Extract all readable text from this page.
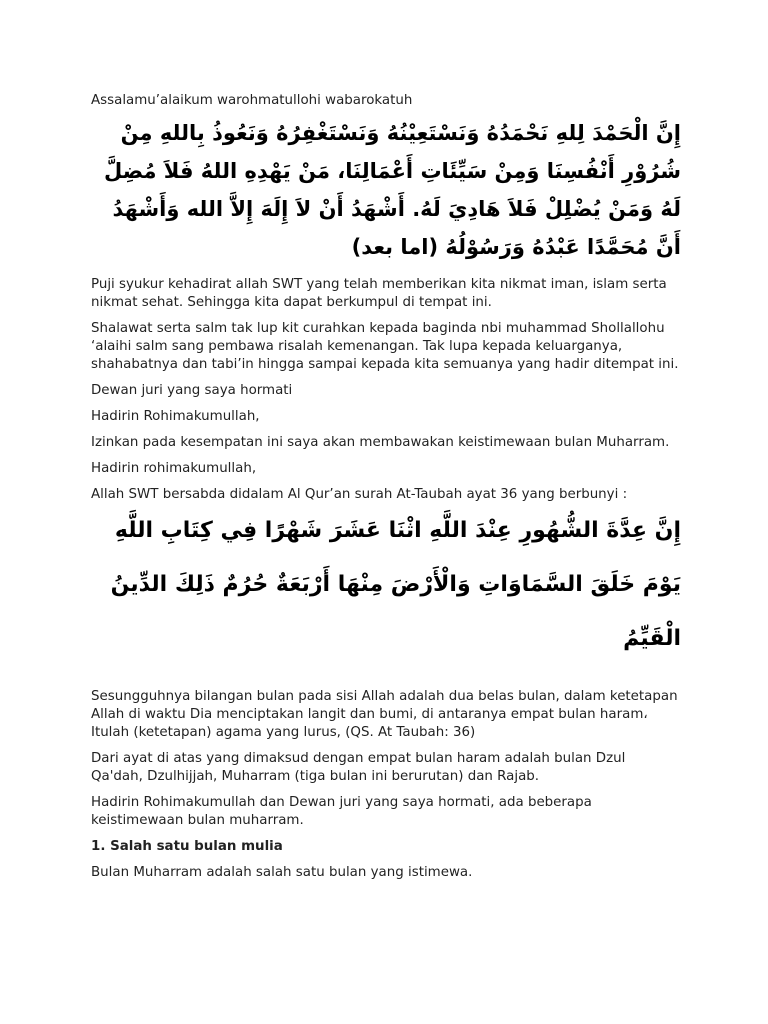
Assalamu’alaikum warohmatullohi wabarokatuh

إِنَّ الْحَمْدَ لِلهِ نَحْمَدُهُ وَنَسْتَعِيْنُهُ وَنَسْتَغْفِرُهُ وَنَعُوذُ بِاللهِ مِنْ شُرُوْرِ أَنْفُسِنَا وَمِنْ سَيِّئَاتِ أَعْمَالِنَا، مَنْ يَهْدِهِ اللهُ فَلاَ مُضِلَّ لَهُ وَمَنْ يُضْلِلْ فَلاَ هَادِيَ لَهُ. أَشْهَدُ أَنْ لاَ إِلَهَ إِلاَّ الله وَأَشْهَدُ أَنَّ مُحَمَّدًا عَبْدُهُ وَرَسُوْلُهُ (اما بعد)

Puji syukur kehadirat allah SWT yang telah memberikan kita nikmat iman, islam serta nikmat sehat. Sehingga kita dapat berkumpul di tempat ini.

Shalawat serta salm tak lup kit curahkan kepada baginda nbi muhammad Shollallohu ‘alaihi salm sang pembawa risalah kemenangan. Tak lupa kepada keluarganya, shahabatnya dan tabi’in hingga sampai kepada kita semuanya yang hadir ditempat ini.

Dewan juri yang saya hormati

Hadirin Rohimakumullah,

Izinkan pada kesempatan ini saya akan membawakan keistimewaan bulan Muharram.

Hadirin rohimakumullah,

Allah SWT bersabda didalam Al Qur’an surah At-Taubah ayat 36 yang berbunyi :

إِنَّ عِدَّةَ الشُّهُورِ عِنْدَ اللَّهِ اثْنَا عَشَرَ شَهْرًا فِي كِتَابِ اللَّهِ يَوْمَ خَلَقَ السَّمَاوَاتِ وَالْأَرْضَ مِنْهَا أَرْبَعَةٌ حُرُمٌ ذَلِكَ الدِّينُ الْقَيِّمُ

Sesungguhnya bilangan bulan pada sisi Allah adalah dua belas bulan, dalam ketetapan Allah di waktu Dia menciptakan langit dan bumi, di antaranya empat bulan haram، Itulah (ketetapan) agama yang lurus, (QS. At Taubah: 36)

Dari ayat di atas yang dimaksud dengan empat bulan haram adalah bulan Dzul Qa'dah, Dzulhijjah, Muharram (tiga bulan ini berurutan) dan Rajab.

Hadirin Rohimakumullah dan Dewan juri yang saya hormati, ada beberapa keistimewaan bulan muharram.

1. Salah satu bulan mulia

Bulan Muharram adalah salah satu bulan yang istimewa.
